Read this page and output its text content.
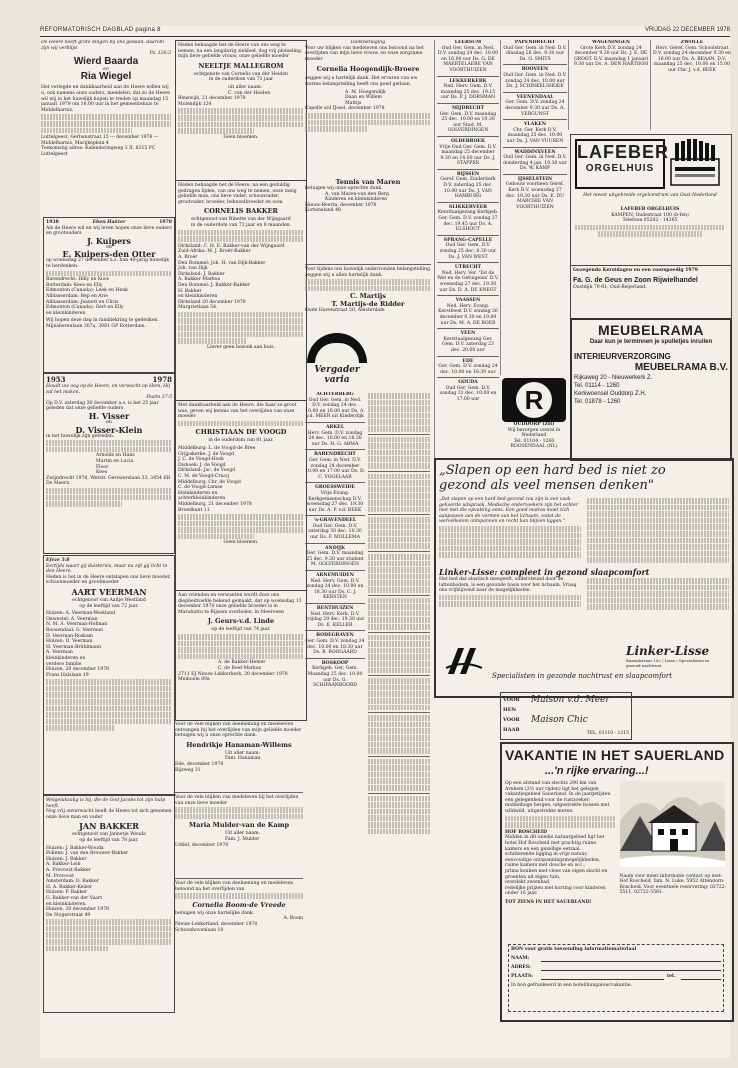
REFORMATORISCH DAGBLAD pagina 8	VRIJDAG 22 DECEMBER 1978
De Heere heeft grote dingen bij ons gedaan, daarom zijn wij verblijd.
Ps. 126:3
Wierd Baarda
en
Ria Wiegel
Het verlegde en dankbaarheid aan de Heere willen wij u, ook namens onze ouders, meedelen, dat zo de Heere wil wij in het huwelijk hopen te treden op maandag 15 januari 1979 om 16.00 uur in het gemeentehuis te Middelharnis.
Luttelgeest, Gerbenstraat 15 — december 1978 — Middelharnis, Marijkeplein 4
Toekomstig adres: Kalenderingweg 3 II, 8315 PC Luttelgeest
1938	Eben Haëzer	1978
Als de Heere wil en wij leven hopen onze lieve ouders en grootouders
J. Kuipers
en
E. Kuipers-den Otter
op woensdag 27 december a.s. hun 40-jarig huwelijk te herdenken.
Barendrecht: Hilly en Koos
Rotterdam: Kees en Elly
Edmonton (Canada): Leek en Henk
Alblasserdam: Bep en Arie
Alblasserdam: Jeanett en Chris
Edmonton (Canada): Gert en Elly
en kleinkinderen
Wij hopen deze dag in familiekring te gedenken.
Mijnsherenlaan 307a, 3081 GP Rotterdam.
1953	1978
Houdt uw oog op de Heere, en verwacht op Hem, Hij zal het maken.
Psalm 37:5
Op D.V. zaterdag 30 december a.s. is het 25 jaar geleden dat onze geliefde ouders
H. Visser
en
D. Visser-Klein
in het huwelijk zijn getreden.
Arnolds en Hans
Martin en Lucia
Floor
Kees
Zwijndrecht 1978, Wetstr. Gerswerslaan 33, 3454 EB De Meern.
Efeze 5:8
Eertijds waart gij duisternis, maar nu zijt gij licht in den Heere.
Heden is het in de Heere ontslapen ons lieve moeder, schoonmoeder en grootmoeder
AART VEERMAN
echtgenoot van Aaltje Westland
op de leeftijd van 72 jaar.
Huizen: A. Veerman-Westland
Onwestel: A. Veerman
N. M. A. Veerman-Hofman
Roosendaal: G. Veerman
D. Veerman-Roskam
Huizen: D. Veerman
H. Veerman-Brühlmann
A. Veerman
kleinkinderen en
verdere familie
Huizen, 20 december 1978
Frans Halslaan 19
Welgelukzalig is hij, die de God Jacobs tot zijn hulp heeft.
Nog vrij onverwacht heeft de Heere tot zich genomen onze lieve man en vader
JAN BAKKER
echtgenoot van Jannetje Wouda
op de leeftijd van 78 jaar.
Huizen: J. Bakker-Wouda
Pollenz: J. van den Brouwer-Bakker
Huizen: J. Bakker
A. Bakker-Leik
A. Provoost-Bakker
M. Provoost
Amsterdam: D. Bakker
H. A. Bakker-Kelzer
Huizen: P. Bakker
G. Bakker-van der Vaart
en kleinkinderen.
Huizen, 20 december 1978
De Stygerstraat 49
Heden behaagde het de Heere van ons weg te nemen, na een langdurig ziekbed, dog vrij plotseling, mijn lieve geliefde vrouw, onze geliefde moeder
NEELTJE MALLEGROM
echtgenote van Cornelis van der Heiden
in de ouderdom van 71 jaar
uit aller naam:
C. van der Heiden
Bleiswijk, 21 december 1978
Molendijk 124
Geen bloemen.
Heden behaagde het de Heere, na een geduldig gedragen lijden, van ons weg te nemen, onze innig geliefde man, ons lieve vader, schoonvader, grootvader, broeder, behuwdbroeder en oom
CORNELIS BAKKER
echtgenoot van Ninette van der Wijngaard
in de ouderdom van 72 jaar en 8 maanden.
Dirksland: C. H. E. Bakker-van der Wijngaard
Zuid-Afrika: M. J. Broër-Bakker
A. Broër
Den Bommel: Joh. H. van Dijk-Bakker
Joh. van Dijk
Dirksland: J. Bakker
A. Bakker-Markus
Den Bommel: J. Bakker-Bakker
H. Bakker
en kleinkinderen
Dirksland 20 december 1978
Margrietlaan 54.
Liever geen bezoek aan huis.
Met dankbaarheid aan de Heere, die haar zo groot was, geven wij kennis van het overlijden van onze moeder
CHRISTIAAN DE VOOGD
in de ouderdom van 81 jaar.
Middelburg: L. de Voogd-de Bree
Grijpskerke: J. de Voogd
J. C. de Voogd-Hoek
Dishoek: J. de Voogd
Dirksland: Jac. de Voogd
C. M. de Voogd-Crucq
Middelburg: Chr. de Voogd
C. de Voogd-Lamse
kleinkinderen en
achterkleinkinderen
Middelburg, 21 december 1978
Broedkant 11
Geen bloemen.
Aan vrienden en verwanten wordt door ons diepbedroefde bekend gemaakt, dat op woensdag 13 december 1978 onze geliefde broeder is in Marahuttu te Rijssen overleden, in Meerveen
J. Geurs-v.d. Linde
op de leeftijd van 74 jaar.
A. de Bakker-Hemer
C. de Boef-Markus
2711 EJ Nieuw-Lekkerkerk, 20 december 1978
Meiboom 89a
Voor de vele blijken van deelneming en medeleven ontvangen bij het overlijden van mijn geliefde moeder betuigen wij u onze oprechte dank.
Hendrikje Hanaman-Willems
Uit aller naam:
Fam. Hanaman
Ede, december 1978
Bijzweg 31
Voor de vele blijken van medeleven bij het overlijden van onze lieve moeder
Maria Mulder-van de Kamp
Uit aller naam:
Fam. J. Mulder
Uddel, december 1978
Voor de vele blijken van deelneming en medeleven betoond na het overlijden van
Cornelia Boom-de Vreede
betuigen wij onze hartelijke dank.
A. Boom
Nieuw-Lekkerland, december 1978
Schoonhovenlaan 10
Dankbetuiging
Voor uw blijken van medeleven ons betoond na het overlijden van mijn lieve vrouw, en onze zorgzame moeder
Cornelia Hoogendijk-Broere
zeggen wij u hartelijk dank. Het ervaren van uw warme belangstelling heeft ons goed gedaan.
A. M. Hoogendijk
Daan en Willem
Mattijs
Capelle a/d IJssel, december 1978
Tennis van Maren
betuigen wij onze oprechte dank.
A. van Maren-van den Berg
Kinderen en kleinkinderen
Nieuw-Beerta, december 1978
Korteneland 48
Voor tijdens ons huwelijk ondervonden belangstelling zeggen wij u allen hartelijk dank.
C. Martijs
T. Martijs-de Ridder
Oude Havenstraat 50, Amsterdam
Vergader varia
ACHTERBERG
Oud Ger. Gem. in Ned. D.V. zondag 24 dec. 10.00 en 16.00 uur Ds. A. v.d. MEER uit Kinderdijk
ARKEL
Herv. Gem. D.V. zondag 24 dec. 10.00 en 18.30 uur Ds. H. G. ABMA
BARENDRECHT
Ger. Gem. in Ned. D.V. zondag 24 december 10.00 en 17.00 uur Ds. D. C. VOGELAAR
GROESSWEIDE
Vrije Evang. Kerkgemeenschap D.V. woensdag 27 dec. 19.30 uur Ds. A. P. v.d. BEEK
's-GRAVENDEEL
Oud Ger. Gem. D.V. zaterdag 30 dec. 10.30 uur Ds. F. MOLLEMA
ANDIJK
Ger. Gem. D.V. maandag 25 dec. 9.30 uur student M. GOLVERDINGEN
ARNEMUIDEN
Ned. Herv. Gem. D.V. zondag 24 dec. 10.00 en 18.30 uur Ds. C. J. KERSTEN
BENTHUIZEN
Ned. Herv. Kerk. D.V. vrijdag 29 dec. 19.30 uur Ds. E. KELLER
BODEGRAVEN
Ger. Gem. D.V. zondag 24 dec. 10.00 en 18.30 uur Ds. B. BOOGAARD
BOSKOOP
Kerkgeb. Ger. Gem. Maandag 25 dec. 10.00 uur Ds. G. SCHIPAANBOORD
LEERSUM
Oud Ger. Gem. in Ned. D.V. zondag 24 dec. 10.00 en 16.00 uur Ds. G. DE MAERTELAERE VAN VOORTHUIZEN
LEKKERKERK
Ned. Herv. Gem. D.V. maandag 25 dec. 19.15 uur Ds. P. J. DORSMAN
MIJDRECHT
Ger. Gem. D.V. maandag 25 dec. 10.00 en 19.30 uur Stud. M. GOLVERDINGEN
OLDEBROEK
Vrije Oud Ger. Gem. D.V. maandag 25 december 9.30 en 14.00 uur Ds. J. STAPPER
RIJSSEN
Geref. Gem. Zuiderkerk D.V. zaterdag 25 dec. 10.00 uur Ds. J. VAN HAMBURG
SLIKKERVEER
Kersttaalgezang Kerkgeb. Ger. Gem. D.V. zondag 27 dec. 19.45 uur Ds. A. ELSHOUT
SPRANG-CAPELLE
Oud Ger. Gem. D.V. zondag 25 dec. 8.30 uur Ds. J. VAN WEST
UTRECHT
Ned. Herv. Ver. 'Tot de Wet en de Getuigenis' D.V. woensdag 27 dec. 19.30 uur Ds. D. A. DE KNEGT
VAASSEN
Ned. Herv. Evang. Kerstfeest D.V. zondag 26 december 9.30 en 19.00 uur Ds. M. A. DE BOER
VEEN
Kersttaalgezang Ger. Gem. D.V. zaterdag 23 dec. 20.00 uur
EDE
Ger. Gem. D.V. zondag 24 dec. 10.00 en 16.30 uur
GOUDA
Oud Ger. Gem. D.V. zondag 31 dec. 10.00 en 17.00 uur
PAPENDRECHT
Oud Ger. Gem. in Ned. D.V. dinsdag 26 dec. 9.30 uur Ds. G. SMITS
ROOVEEN
Oud Ger. Gem. in Ned. D.V. zondag 24 dec. 10.00 uur Ds. J. SCHINKELSHOEK
VEENENDAAL
Ger. Gem. D.V. zondag 24 december 9.30 uur Ds. A. VERGUNST
VLAKEN
Chr. Ger. Kerk D.V. maandag 25 dec. 10.00 uur Ds. J. VAN VUUREN
WADDINXVEEN
Oud Ger. Gem. in Ned. D.V. donderdag 4 jan. 19.30 uur Ds. W. KAMP
IJSSELSTEIN
Gebouw voorheen Geref. Kerk D.V. woensdag 27 dec. 19.30 uur Ds. E. DU MARCHIE VAN VOORTHUIZEN
R
OUDDORP (ZH)
Wij bezorgen overal in Nederland
Tel. 01104 - 1260
ROOSENDAAL (NL)
WAGENINGEN
Grote Kerk D.V. zondag 24 december 9.30 uur Ds. J. E. DE GROOT. D.V. maandag 1 januari 9.30 uur Ds. A. DEN HARTOGH
ZWOLLE
Herv. Geref. Gem. Schoolstraat D.V. zondag 24 december 9.30 en 16.00 uur Ds. A. BEAAN. D.V. maandag 25 dec. 10.00 en 15.00 uur Chr. J. v.d. BEEK
LAFEBER
ORGELHUIS
Het meest uitgebreide orgelcentrum van Oost-Nederland
LAFEBER ORGELHUIS
KAMPEN, Oudestraat 100 (b-fen)
Telefoon 05202 - 14265
Gezegende Kerstdagen en een voorspoedig 1979
Fa. G. de Geus en Zoon Rijwielhandel
Oostdijk 79-81, Oud-Beijerland.
MEUBELRAMA
Daar kun je terminnen je spulletjes inruilen
INTERIEURVERZORGING
MEUBELRAMA B.V.
Rijkaweg 20 - Nieuwerkerk Z.
Tel. 01114 - 1260
Kerkwoensel Ouddorp Z.H.
Tel. 01878 - 1260
„Slapen op een hard bed is niet zo gezond als veel mensen denken"
„Dat slapen op een hard bed gezond zou zijn is een vaak gehoorde uitspraak. Medische onderzoekers zijn het echter niet met die opvatting eens. Een goed matras moet zich aanpassen aan de vormen van het lichaam, zodat de wervelkolom ontspannen en recht kan blijven liggen."
Linker-Lisse: compleet in gezond slaapcomfort
Het bed dat elastisch meegeeft, ondersteund door de lattenbodem, is een gezonde basis voor het lichaam. Vraag ons vrijblijvend naar de mogelijkheden.
Linker-Lisse
Kanaalstraat 102 / Lisse / Specialisten in gezond nachtrust
Specialisten in gezonde nachtrust en slaapcomfort
VOOR
HEN
VOOR
HAAR
Maison v.d. Meer
Maison Chic
TEL. 01110 - 1215
VAKANTIE IN HET SAUERLAND
...'n rijke ervaring...!
Op een afstand van slechts 290 km van Arnhem (2½ uur rijden) ligt het gelegen vakantiegebied Sauerland. In de jaargetijden een gelegenheid voor de rustzoeker; middelhoge bergen, uitgestrekte bossen met wildwild, uitgestrekte meren.
HOF ROSCHEID
Midden in dit unieke natuurgebied ligt het hotel Hof Roscheid met prachtig ruime kamers en een gezellige eetzaal.
schitterende ligging in vrije natuur,
eenvoudige ontspanningsmogelijkheden,
ruime kamers met douche en w.c.,
prima keuken met vlees van eigen slacht en groenten uit eigen tuin,
overdekt zwembad,
redelijke prijzen met korting voor kinderen onder 16 jaar.
TOT ZIENS IN HET SAUERLAND!
Naam voor meer informatie contact op met: Hof Roscheid, fam. N. Luke, 5952 Attendorn-Roscheid. Voor eventuele reservering: 02722-5511, 02722-5561.
BON voor gratis toezending informatiemateriaal
NAAM:
ADRES:
PLAATS:	tel.
In bon gefrankeerd in een hotel/bungalow/vakantie.
